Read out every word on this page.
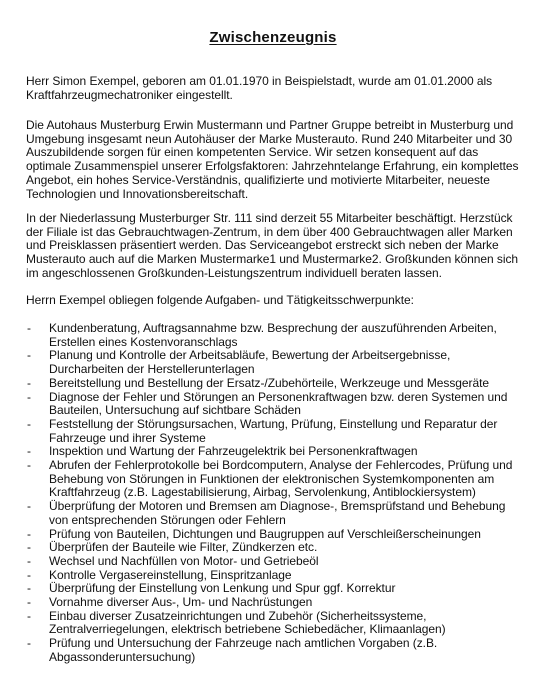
Zwischenzeugnis

Herr Simon Exempel, geboren am 01.01.1970 in Beispielstadt, wurde am 01.01.2000 als Kraftfahrzeugmechatroniker eingestellt.

Die Autohaus Musterburg Erwin Mustermann und Partner Gruppe betreibt in Musterburg und Umgebung insgesamt neun Autohäuser der Marke Musterauto. Rund 240 Mitarbeiter und 30 Auszubildende sorgen für einen kompetenten Service. Wir setzen konsequent auf das optimale Zusammenspiel unserer Erfolgsfaktoren: Jahrzehntelange Erfahrung, ein komplettes Angebot, ein hohes Service-Verständnis, qualifizierte und motivierte Mitarbeiter, neueste Technologien und Innovationsbereitschaft.

In der Niederlassung Musterburger Str. 111 sind derzeit 55 Mitarbeiter beschäftigt. Herzstück der Filiale ist das Gebrauchtwagen-Zentrum, in dem über 400 Gebrauchtwagen aller Marken und Preisklassen präsentiert werden. Das Serviceangebot erstreckt sich neben der Marke Musterauto auch auf die Marken Mustermarke1 und Mustermarke2. Großkunden können sich im angeschlossenen Großkunden-Leistungszentrum individuell beraten lassen.

Herrn Exempel obliegen folgende Aufgaben- und Tätigkeitsschwerpunkte:

-	Kundenberatung, Auftragsannahme bzw. Besprechung der auszuführenden Arbeiten, Erstellen eines Kostenvoranschlags
-	Planung und Kontrolle der Arbeitsabläufe, Bewertung der Arbeitsergebnisse, Durcharbeiten der Herstellerunterlagen
-	Bereitstellung und Bestellung der Ersatz-/Zubehörteile, Werkzeuge und Messgeräte
-	Diagnose der Fehler und Störungen an Personenkraftwagen bzw. deren Systemen und Bauteilen, Untersuchung auf sichtbare Schäden
-	Feststellung der Störungsursachen, Wartung, Prüfung, Einstellung und Reparatur der Fahrzeuge und ihrer Systeme
-	Inspektion und Wartung der Fahrzeugelektrik bei Personenkraftwagen
-	Abrufen der Fehlerprotokolle bei Bordcomputern, Analyse der Fehlercodes, Prüfung und Behebung von Störungen in Funktionen der elektronischen Systemkomponenten am Kraftfahrzeug (z.B. Lagestabilisierung, Airbag, Servolenkung, Antiblockiersystem)
-	Überprüfung der Motoren und Bremsen am Diagnose-, Bremsprüfstand und Behebung von entsprechenden Störungen oder Fehlern
-	Prüfung von Bauteilen, Dichtungen und Baugruppen auf Verschleißerscheinungen
-	Überprüfen der Bauteile wie Filter, Zündkerzen etc.
-	Wechsel und Nachfüllen von Motor- und Getriebeöl
-	Kontrolle Vergasereinstellung, Einspritzanlage
-	Überprüfung der Einstellung von Lenkung und Spur ggf. Korrektur
-	Vornahme diverser Aus-, Um- und Nachrüstungen
-	Einbau diverser Zusatzeinrichtungen und Zubehör (Sicherheitssysteme, Zentralverriegelungen, elektrisch betriebene Schiebedächer, Klimaanlagen)
-	Prüfung und Untersuchung der Fahrzeuge nach amtlichen Vorgaben (z.B. Abgassonderuntersuchung)
